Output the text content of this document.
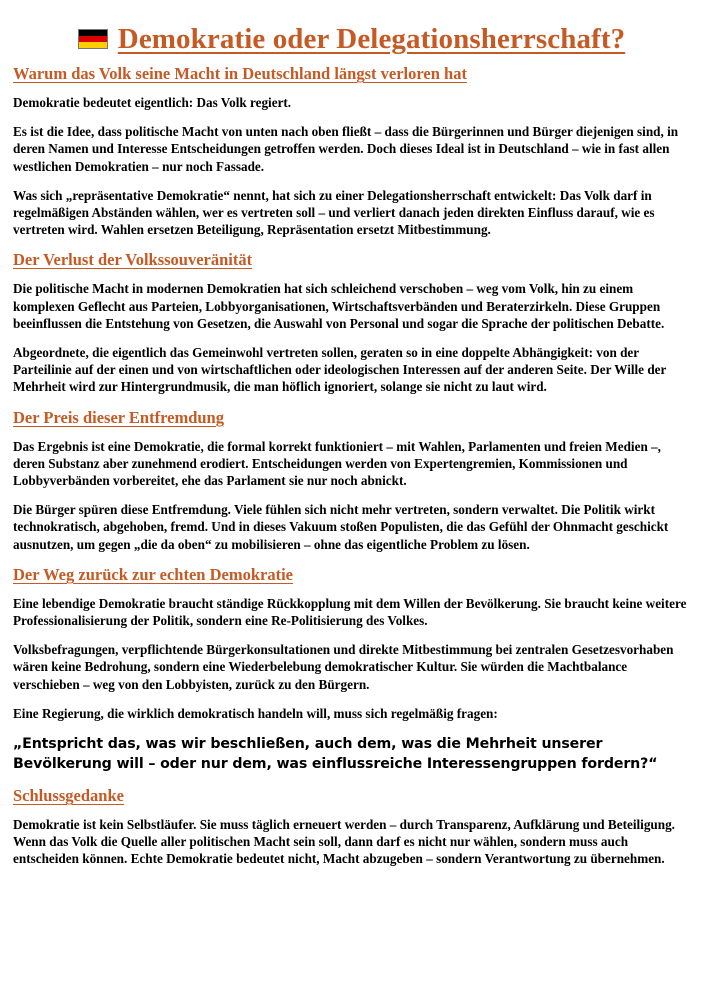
Demokratie oder Delegationsherrschaft?
Warum das Volk seine Macht in Deutschland längst verloren hat

Demokratie bedeutet eigentlich: Das Volk regiert.

Es ist die Idee, dass politische Macht von unten nach oben fließt – dass die Bürgerinnen und Bürger diejenigen sind, in deren Namen und Interesse Entscheidungen getroffen werden. Doch dieses Ideal ist in Deutschland – wie in fast allen westlichen Demokratien – nur noch Fassade.

Was sich „repräsentative Demokratie“ nennt, hat sich zu einer Delegationsherrschaft entwickelt: Das Volk darf in regelmäßigen Abständen wählen, wer es vertreten soll – und verliert danach jeden direkten Einfluss darauf, wie es vertreten wird. Wahlen ersetzen Beteiligung, Repräsentation ersetzt Mitbestimmung.

Der Verlust der Volkssouveränität

Die politische Macht in modernen Demokratien hat sich schleichend verschoben – weg vom Volk, hin zu einem komplexen Geflecht aus Parteien, Lobbyorganisationen, Wirtschaftsverbänden und Beraterzirkeln. Diese Gruppen beeinflussen die Entstehung von Gesetzen, die Auswahl von Personal und sogar die Sprache der politischen Debatte.

Abgeordnete, die eigentlich das Gemeinwohl vertreten sollen, geraten so in eine doppelte Abhängigkeit: von der Parteilinie auf der einen und von wirtschaftlichen oder ideologischen Interessen auf der anderen Seite. Der Wille der Mehrheit wird zur Hintergrundmusik, die man höflich ignoriert, solange sie nicht zu laut wird.

Der Preis dieser Entfremdung

Das Ergebnis ist eine Demokratie, die formal korrekt funktioniert – mit Wahlen, Parlamenten und freien Medien –, deren Substanz aber zunehmend erodiert. Entscheidungen werden von Expertengremien, Kommissionen und Lobbyverbänden vorbereitet, ehe das Parlament sie nur noch abnickt.

Die Bürger spüren diese Entfremdung. Viele fühlen sich nicht mehr vertreten, sondern verwaltet. Die Politik wirkt technokratisch, abgehoben, fremd. Und in dieses Vakuum stoßen Populisten, die das Gefühl der Ohnmacht geschickt ausnutzen, um gegen „die da oben“ zu mobilisieren – ohne das eigentliche Problem zu lösen.

Der Weg zurück zur echten Demokratie

Eine lebendige Demokratie braucht ständige Rückkopplung mit dem Willen der Bevölkerung. Sie braucht keine weitere Professionalisierung der Politik, sondern eine Re-Politisierung des Volkes.

Volksbefragungen, verpflichtende Bürgerkonsultationen und direkte Mitbestimmung bei zentralen Gesetzesvorhaben wären keine Bedrohung, sondern eine Wiederbelebung demokratischer Kultur. Sie würden die Machtbalance verschieben – weg von den Lobbyisten, zurück zu den Bürgern.

Eine Regierung, die wirklich demokratisch handeln will, muss sich regelmäßig fragen:

„Entspricht das, was wir beschließen, auch dem, was die Mehrheit unserer Bevölkerung will – oder nur dem, was einflussreiche Interessengruppen fordern?“

Schlussgedanke

Demokratie ist kein Selbstläufer. Sie muss täglich erneuert werden – durch Transparenz, Aufklärung und Beteiligung. Wenn das Volk die Quelle aller politischen Macht sein soll, dann darf es nicht nur wählen, sondern muss auch entscheiden können. Echte Demokratie bedeutet nicht, Macht abzugeben – sondern Verantwortung zu übernehmen.
